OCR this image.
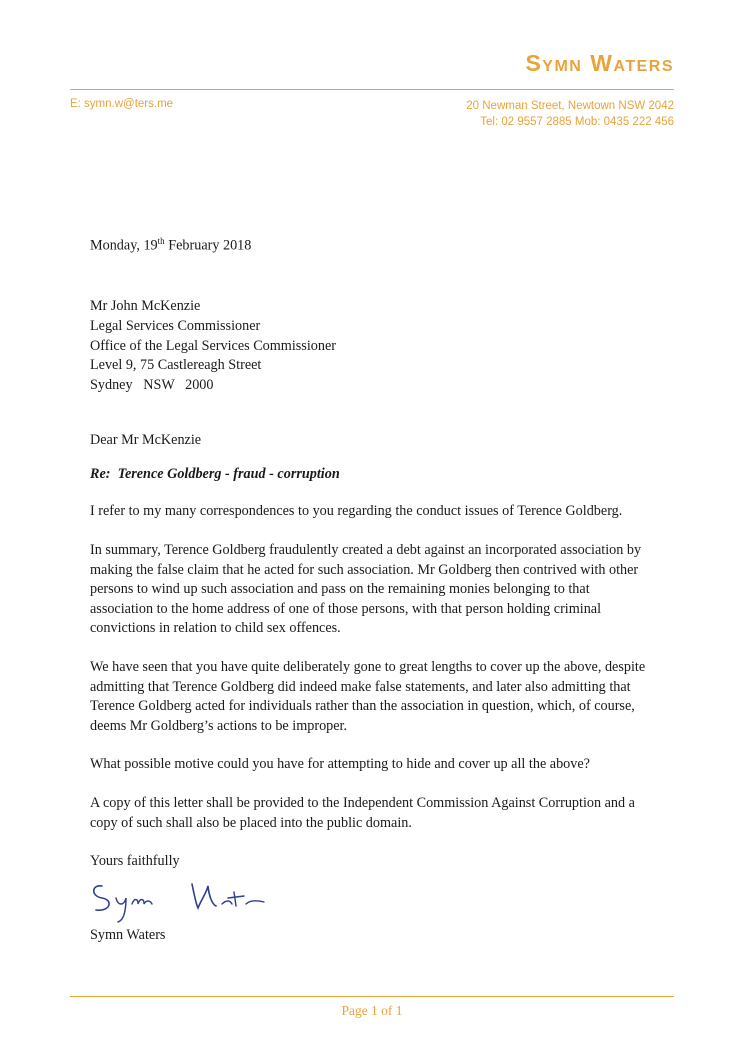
Symn Waters
E: symn.w@ters.me	20 Newman Street, Newtown NSW 2042
Tel: 02 9557 2885 Mob: 0435 222 456

Monday, 19th February 2018

Mr John McKenzie

Legal Services Commissioner

Office of the Legal Services Commissioner

Level 9, 75 Castlereagh Street

Sydney   NSW   2000

Dear Mr McKenzie

Re:  Terence Goldberg - fraud - corruption

I refer to my many correspondences to you regarding the conduct issues of Terence Goldberg.

In summary, Terence Goldberg fraudulently created a debt against an incorporated association by making the false claim that he acted for such association. Mr Goldberg then contrived with other persons to wind up such association and pass on the remaining monies belonging to that association to the home address of one of those persons, with that person holding criminal convictions in relation to child sex offences.

We have seen that you have quite deliberately gone to great lengths to cover up the above, despite admitting that Terence Goldberg did indeed make false statements, and later also admitting that Terence Goldberg acted for individuals rather than the association in question, which, of course, deems Mr Goldberg’s actions to be improper.

What possible motive could you have for attempting to hide and cover up all the above?

A copy of this letter shall be provided to the Independent Commission Against Corruption and a copy of such shall also be placed into the public domain.

Yours faithfully

Symn Waters

Page 1 of 1
